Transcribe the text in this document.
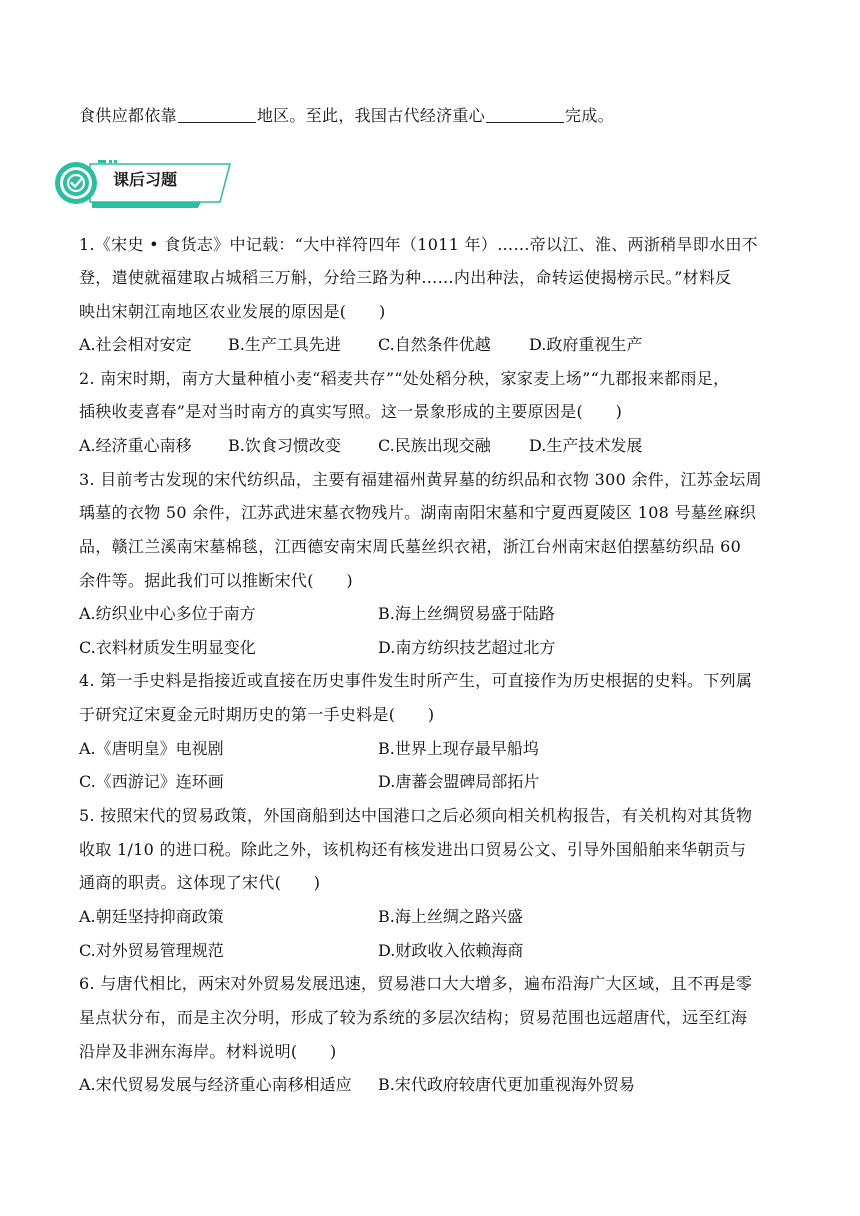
食供应都依靠	地区。至此，我国古代经济重心	完成。
课后习题
1.《宋史 • 食货志》中记载：“大中祥符四年（1011 年）……帝以江、淮、两浙稍旱即水田不
登，遣使就福建取占城稻三万斛，分给三路为种……内出种法，命转运使揭榜示民。”材料反
映出宋朝江南地区农业发展的原因是(　　)
A.社会相对安定 B.生产工具先进 C.自然条件优越 D.政府重视生产
2. 南宋时期，南方大量种植小麦“稻麦共存”“处处稻分秧，家家麦上场”“九郡报来都雨足，
插秧收麦喜春”是对当时南方的真实写照。这一景象形成的主要原因是(　　)
A.经济重心南移 B.饮食习惯改变 C.民族出现交融 D.生产技术发展
3. 目前考古发现的宋代纺织品，主要有福建福州黄昇墓的纺织品和衣物 300 余件，江苏金坛周
瑀墓的衣物 50 余件，江苏武进宋墓衣物残片。湖南南阳宋墓和宁夏西夏陵区 108 号墓丝麻织
品，赣江兰溪南宋墓棉毯，江西德安南宋周氏墓丝织衣裙，浙江台州南宋赵伯摆墓纺织品 60
余件等。据此我们可以推断宋代(　　)
A.纺织业中心多位于南方	B.海上丝绸贸易盛于陆路
C.衣料材质发生明显变化	D.南方纺织技艺超过北方
4. 第一手史料是指接近或直接在历史事件发生时所产生，可直接作为历史根据的史料。下列属
于研究辽宋夏金元时期历史的第一手史料是(　　)
A.《唐明皇》电视剧	B.世界上现存最早船坞
C.《西游记》连环画	D.唐蕃会盟碑局部拓片
5. 按照宋代的贸易政策，外国商船到达中国港口之后必须向相关机构报告，有关机构对其货物
收取 1/10 的进口税。除此之外，该机构还有核发进出口贸易公文、引导外国船舶来华朝贡与
通商的职责。这体现了宋代(　　)
A.朝廷坚持抑商政策	B.海上丝绸之路兴盛
C.对外贸易管理规范	D.财政收入依赖海商
6. 与唐代相比，两宋对外贸易发展迅速，贸易港口大大增多，遍布沿海广大区域，且不再是零
星点状分布，而是主次分明，形成了较为系统的多层次结构；贸易范围也远超唐代，远至红海
沿岸及非洲东海岸。材料说明(　　)
A.宋代贸易发展与经济重心南移相适应 B.宋代政府较唐代更加重视海外贸易
